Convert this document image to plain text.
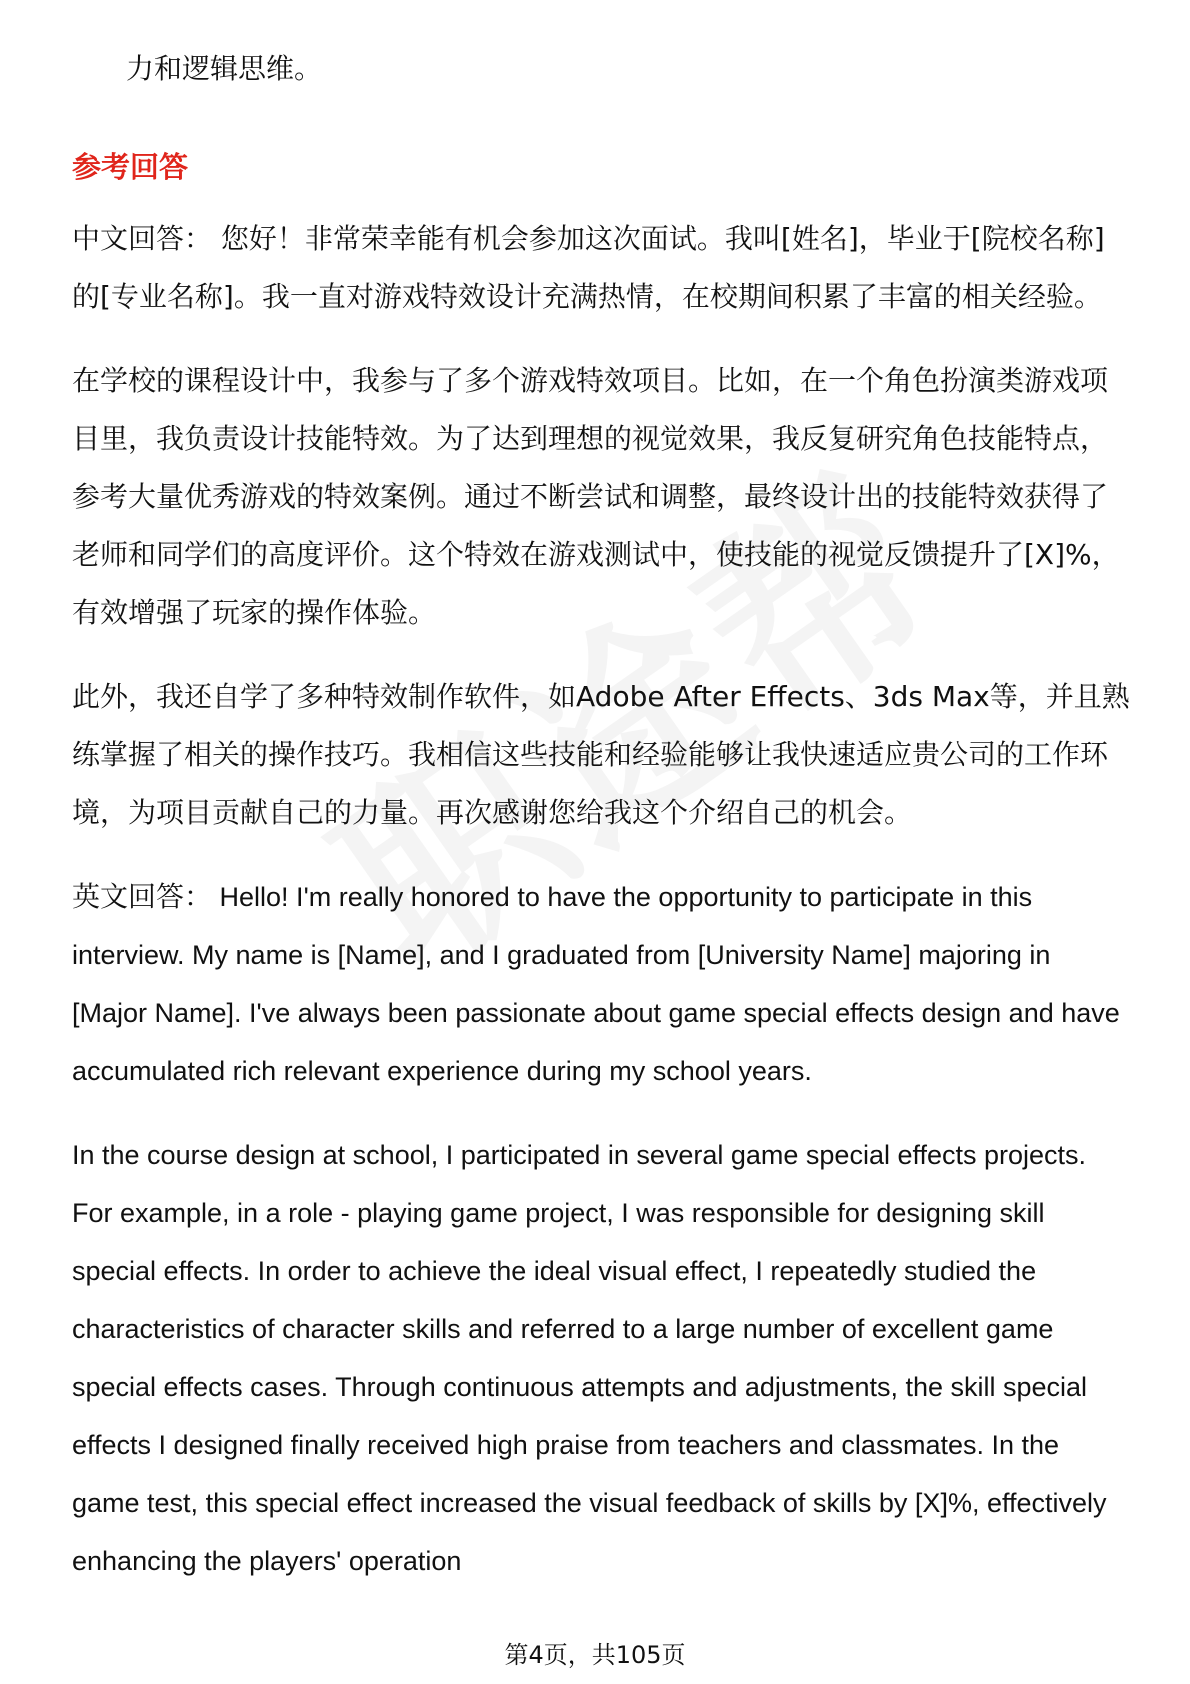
力和逻辑思维。
参考回答

中文回答： 您好！非常荣幸能有机会参加这次面试。我叫[姓名]，毕业于[院校名称]的[专业名称]。我一直对游戏特效设计充满热情，在校期间积累了丰富的相关经验。

在学校的课程设计中，我参与了多个游戏特效项目。比如，在一个角色扮演类游戏项目里，我负责设计技能特效。为了达到理想的视觉效果，我反复研究角色技能特点，参考大量优秀游戏的特效案例。通过不断尝试和调整，最终设计出的技能特效获得了老师和同学们的高度评价。这个特效在游戏测试中，使技能的视觉反馈提升了[X]%，有效增强了玩家的操作体验。

此外，我还自学了多种特效制作软件，如Adobe After Effects、3ds Max等，并且熟练掌握了相关的操作技巧。我相信这些技能和经验能够让我快速适应贵公司的工作环境，为项目贡献自己的力量。再次感谢您给我这个介绍自己的机会。

英文回答： Hello! I'm really honored to have the opportunity to participate in this interview. My name is [Name], and I graduated from [University Name] majoring in [Major Name]. I've always been passionate about game special effects design and have accumulated rich relevant experience during my school years.

In the course design at school, I participated in several game special effects projects. For example, in a role - playing game project, I was responsible for designing skill special effects. In order to achieve the ideal visual effect, I repeatedly studied the characteristics of character skills and referred to a large number of excellent game special effects cases. Through continuous attempts and adjustments, the skill special effects I designed finally received high praise from teachers and classmates. In the game test, this special effect increased the visual feedback of skills by [X]%, effectively enhancing the players' operation

第4页，共105页
